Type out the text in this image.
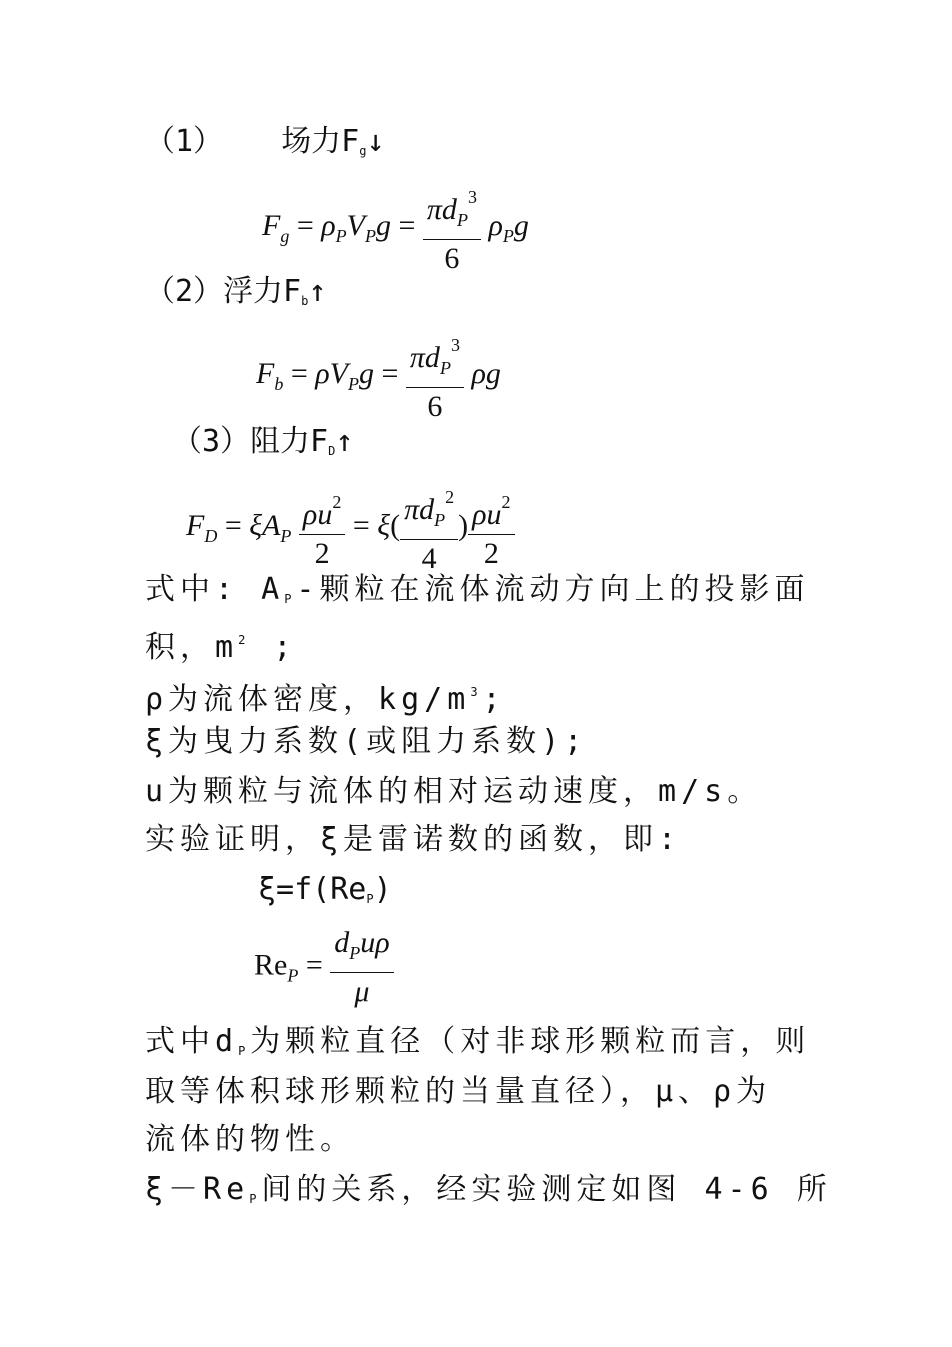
（1） 场力$F_g↓$
$F_g = \rho_PV_Pg = \frac{\pi d_P^3}{6} \rho_Pg$
（2）浮力$F_b↑$
$F_b = \rho V_Pg = \frac{\pi d_P^3}{6}$ ρg
（3）阻力$F_D↑$
$F_D = \xi A_P \frac{\rho u^2}{2} = \xi( \frac{\pi d_P^2}{4}$ ) $\frac{\rho u^2}{2}$
式中: $A_P-$颗粒在流体流动方向上的投影面
积，$m^2$ ;
ρ为流体密度，$kg/m^3$;
ξ为曳力系数(或阻力系数);
u为颗粒与流体的相对运动速度，m/s。
实验证明，ξ是雷诺数的函数，即:
$\xi=f(Re_P)$
$Re_P = \frac{d_Pu\rho}{\mu}$
式中$d_P$为颗粒直径（对非球形颗粒而言，则
取等体积球形颗粒的当量直径），μ、ρ为
流体的物性。
$\xi-Re_P$间的关系，经实验测定如图 4-6 所
